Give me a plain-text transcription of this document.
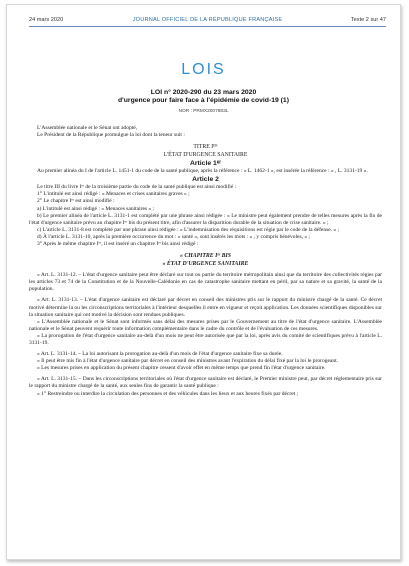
24 mars 2020	JOURNAL OFFICIEL DE LA RÉPUBLIQUE FRANÇAISE	Texte 2 sur 47
LOIS
LOI n° 2020-290 du 23 mars 2020
d'urgence pour faire face à l'épidémie de covid-19 (1)
NOR : PRMX2007883L

L'Assemblée nationale et le Sénat ont adopté,

Le Président de la République promulgue la loi dont la teneur suit :

TITRE Iᴱᴿ

L'ÉTAT D'URGENCE SANITAIRE

Article 1ᵉʳ

Au premier alinéa du I de l'article L. 1451-1 du code de la santé publique, après la référence : « L. 1462-1 », est insérée la référence : « , L. 3131-19 ».

Article 2

Le titre III du livre Iᵉʳ de la troisième partie du code de la santé publique est ainsi modifié :

1° L'intitulé est ainsi rédigé : « Menaces et crises sanitaires graves » ;

2° Le chapitre Iᵉʳ est ainsi modifié :

a) L'intitulé est ainsi rédigé : « Menaces sanitaires » ;

b) Le premier alinéa de l'article L. 3131-1 est complété par une phrase ainsi rédigée : « Le ministre peut également prendre de telles mesures après la fin de l'état d'urgence sanitaire prévu au chapitre Iᵉʳ bis du présent titre, afin d'assurer la disparition durable de la situation de crise sanitaire. » ;

c) L'article L. 3131-8 est complété par une phrase ainsi rédigée : « L'indemnisation des réquisitions est régie par le code de la défense. » ;

d) À l'article L. 3131-10, après la première occurrence du mot : « santé », sont insérés les mots : « , y compris bénévoles, » ;

3° Après le même chapitre Iᵉʳ, il est inséré un chapitre Iᵉʳ bis ainsi rédigé :

« CHAPITRE Iᵉʳ BIS

« ÉTAT D'URGENCE SANITAIRE

« Art. L. 3131-12. – L'état d'urgence sanitaire peut être déclaré sur tout ou partie du territoire métropolitain ainsi que du territoire des collectivités régies par les articles 73 et 74 de la Constitution et de la Nouvelle-Calédonie en cas de catastrophe sanitaire mettant en péril, par sa nature et sa gravité, la santé de la population.

« Art. L. 3131-13. – L'état d'urgence sanitaire est déclaré par décret en conseil des ministres pris sur le rapport du ministre chargé de la santé. Ce décret motivé détermine la ou les circonscriptions territoriales à l'intérieur desquelles il entre en vigueur et reçoit application. Les données scientifiques disponibles sur la situation sanitaire qui ont motivé la décision sont rendues publiques.

« L'Assemblée nationale et le Sénat sont informés sans délai des mesures prises par le Gouvernement au titre de l'état d'urgence sanitaire. L'Assemblée nationale et le Sénat peuvent requérir toute information complémentaire dans le cadre du contrôle et de l'évaluation de ces mesures.

« La prorogation de l'état d'urgence sanitaire au-delà d'un mois ne peut être autorisée que par la loi, après avis du comité de scientifiques prévu à l'article L. 3131-19.

« Art. L. 3131-14. – La loi autorisant la prorogation au-delà d'un mois de l'état d'urgence sanitaire fixe sa durée.

« Il peut être mis fin à l'état d'urgence sanitaire par décret en conseil des ministres avant l'expiration du délai fixé par la loi le prorogeant.

« Les mesures prises en application du présent chapitre cessent d'avoir effet en même temps que prend fin l'état d'urgence sanitaire.

« Art. L. 3131-15. – Dans les circonscriptions territoriales où l'état d'urgence sanitaire est déclaré, le Premier ministre peut, par décret réglementaire pris sur le rapport du ministre chargé de la santé, aux seules fins de garantir la santé publique :

« 1° Restreindre ou interdire la circulation des personnes et des véhicules dans les lieux et aux heures fixés par décret ;
